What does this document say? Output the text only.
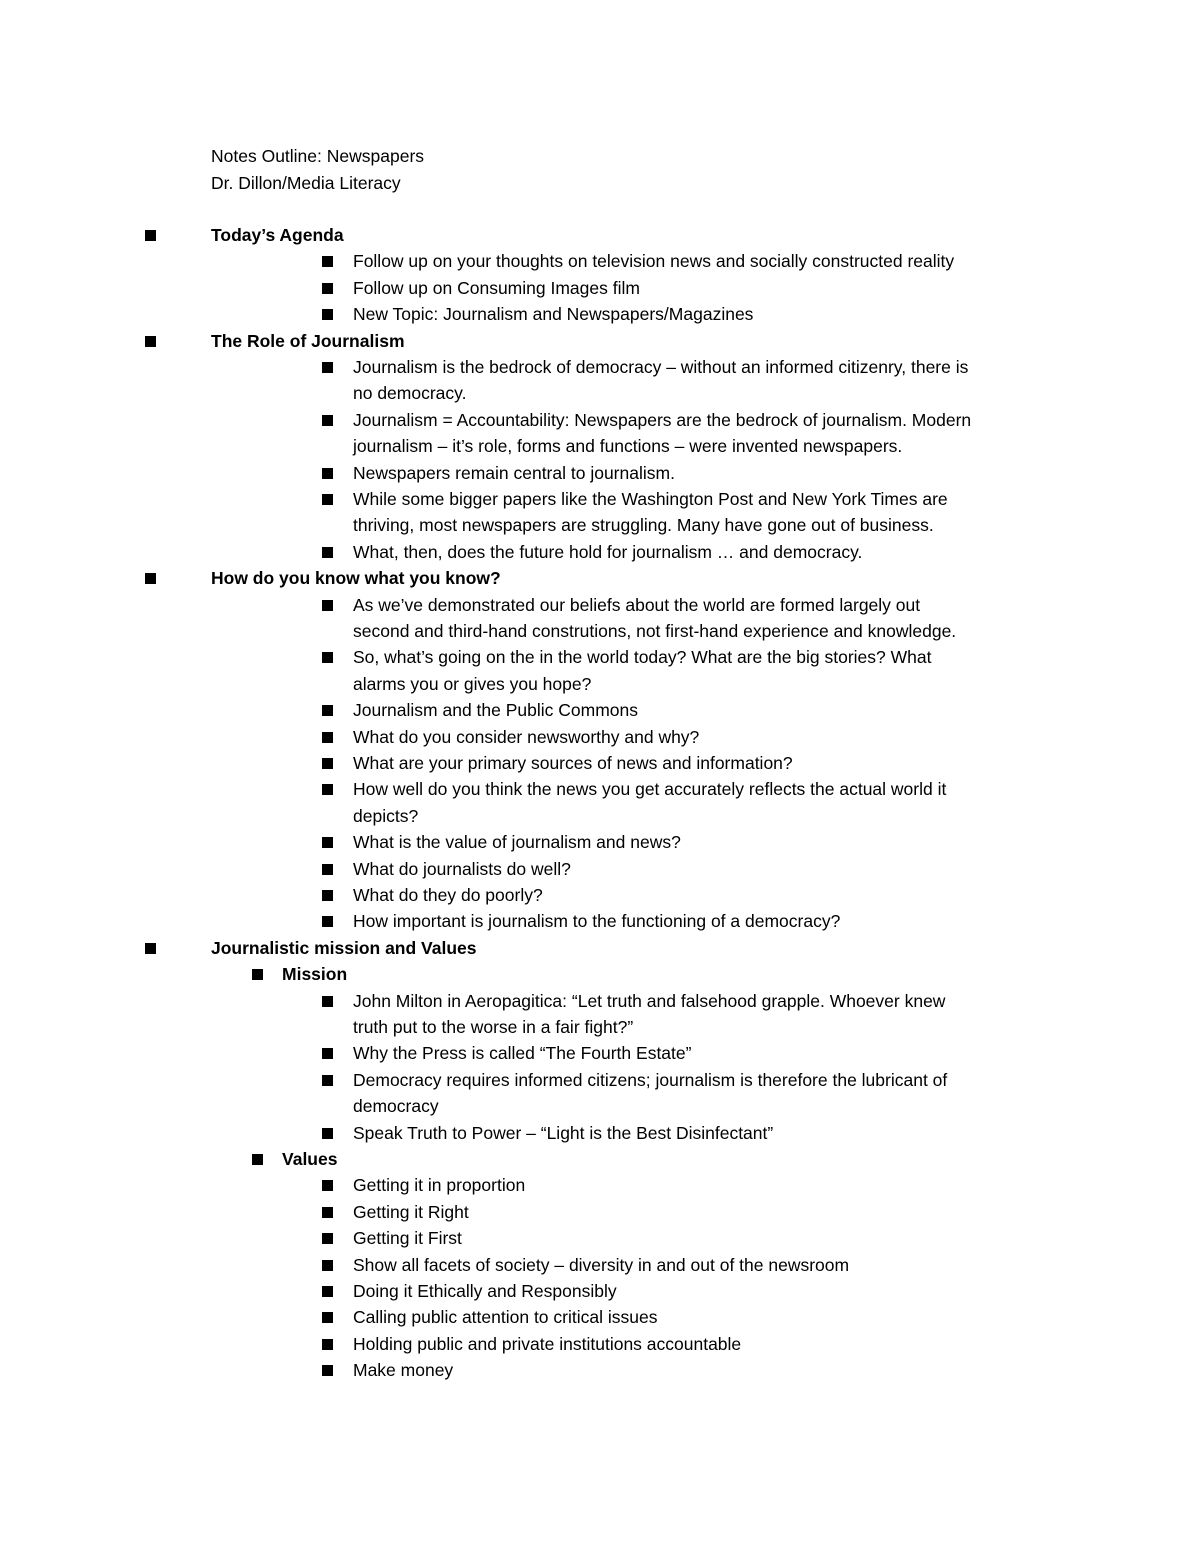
Notes Outline: Newspapers
Dr. Dillon/Media Literacy
Today’s Agenda
Follow up on your thoughts on television news and socially constructed reality
Follow up on Consuming Images film
New Topic: Journalism and Newspapers/Magazines
The Role of Journalism
Journalism is the bedrock of democracy – without an informed citizenry, there is
no democracy.
Journalism = Accountability: Newspapers are the bedrock of journalism. Modern
journalism – it’s role, forms and functions – were invented newspapers.
Newspapers remain central to journalism.
While some bigger papers like the Washington Post and New York Times are
thriving, most newspapers are struggling. Many have gone out of business.
What, then, does the future hold for journalism … and democracy.
How do you know what you know?
As we’ve demonstrated our beliefs about the world are formed largely out
second and third-hand construtions, not first-hand experience and knowledge.
So, what’s going on the in the world today? What are the big stories? What
alarms you or gives you hope?
Journalism and the Public Commons
What do you consider newsworthy and why?
What are your primary sources of news and information?
How well do you think the news you get accurately reflects the actual world it
depicts?
What is the value of journalism and news?
What do journalists do well?
What do they do poorly?
How important is journalism to the functioning of a democracy?
Journalistic mission and Values
Mission
John Milton in Aeropagitica: “Let truth and falsehood grapple. Whoever knew
truth put to the worse in a fair fight?”
Why the Press is called “The Fourth Estate”
Democracy requires informed citizens; journalism is therefore the lubricant of
democracy
Speak Truth to Power – “Light is the Best Disinfectant”
Values
Getting it in proportion
Getting it Right
Getting it First
Show all facets of society – diversity in and out of the newsroom
Doing it Ethically and Responsibly
Calling public attention to critical issues
Holding public and private institutions accountable
Make money
